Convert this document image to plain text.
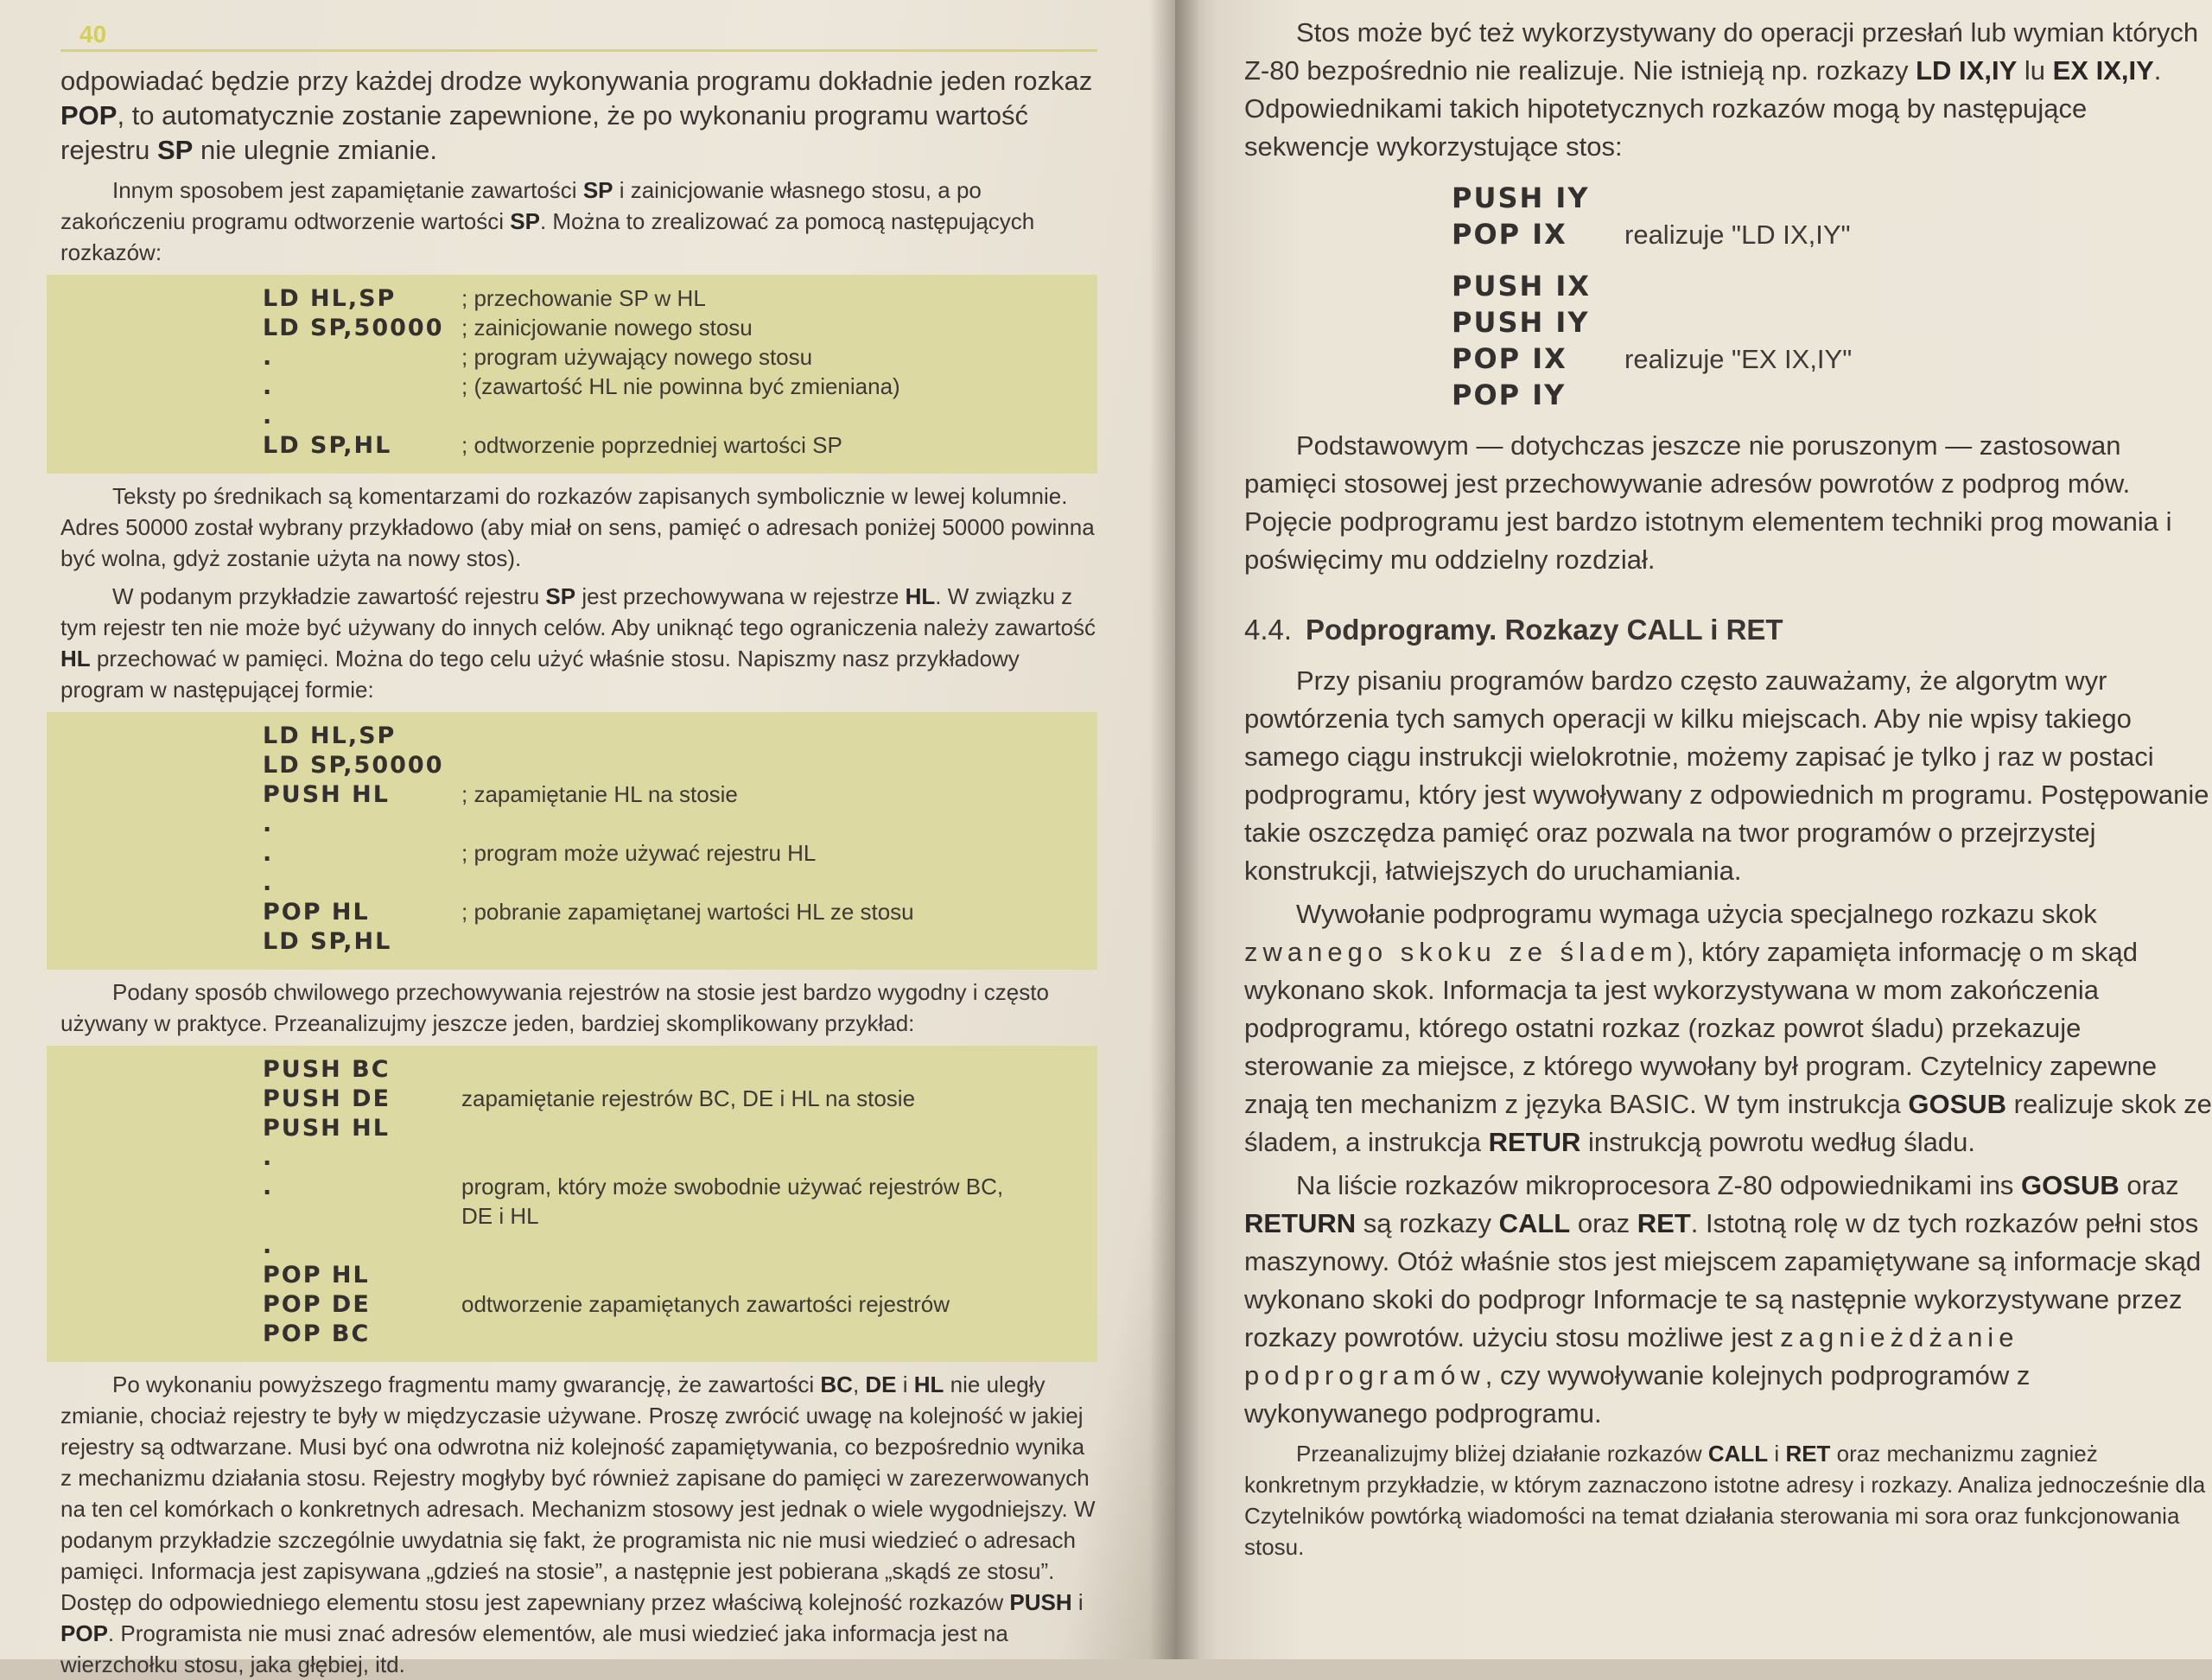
40

odpowiadać będzie przy każdej drodze wykonywania programu dokładnie jeden rozkaz POP, to automatycznie zostanie zapewnione, że po wykonaniu programu wartość rejestru SP nie ulegnie zmianie.

Innym sposobem jest zapamiętanie zawartości SP i zainicjowanie własnego stosu, a po zakończeniu programu odtworzenie wartości SP. Można to zrealizować za pomocą następujących rozkazów:

LD HL,SP	; przechowanie SP w HL
LD SP,50000 ; zainicjowanie nowego stosu
.	; program używający nowego stosu
.	; (zawartość HL nie powinna być zmieniana)
.
LD SP,HL	; odtworzenie poprzedniej wartości SP

Teksty po średnikach są komentarzami do rozkazów zapisanych symbolicznie w lewej kolumnie. Adres 50000 został wybrany przykładowo (aby miał on sens, pamięć o adresach poniżej 50000 powinna być wolna, gdyż zostanie użyta na nowy stos).

W podanym przykładzie zawartość rejestru SP jest przechowywana w rejestrze HL. W związku z tym rejestr ten nie może być używany do innych celów. Aby uniknąć tego ograniczenia należy zawartość HL przechować w pamięci. Można do tego celu użyć właśnie stosu. Napiszmy nasz przykładowy program w następującej formie:

LD HL,SP
LD SP,50000
PUSH HL	; zapamiętanie HL na stosie
.
.	; program może używać rejestru HL
.
POP HL	; pobranie zapamiętanej wartości HL ze stosu
LD SP,HL

Podany sposób chwilowego przechowywania rejestrów na stosie jest bardzo wygodny i często używany w praktyce. Przeanalizujmy jeszcze jeden, bardziej skomplikowany przykład:

PUSH BC
PUSH DE	zapamiętanie rejestrów BC, DE i HL na stosie
PUSH HL
.
.	program, który może swobodnie używać rejestrów BC,
DE i HL
.
POP HL
POP DE	odtworzenie zapamiętanych zawartości rejestrów
POP BC

Po wykonaniu powyższego fragmentu mamy gwarancję, że zawartości BC, DE i HL nie uległy zmianie, chociaż rejestry te były w międzyczasie używane. Proszę zwrócić uwagę na kolejność w jakiej rejestry są odtwarzane. Musi być ona odwrotna niż kolejność zapamiętywania, co bezpośrednio wynika z mechanizmu działania stosu. Rejestry mogłyby być również zapisane do pamięci w zarezerwowanych na ten cel komórkach o konkretnych adresach. Mechanizm stosowy jest jednak o wiele wygodniejszy. W podanym przykładzie szczególnie uwydatnia się fakt, że programista nic nie musi wiedzieć o adresach pamięci. Informacja jest zapisywana „gdzieś na stosie”, a następnie jest pobierana „skądś ze stosu”. Dostęp do odpowiedniego elementu stosu jest zapewniany przez właściwą kolejność rozkazów PUSH i POP. Programista nie musi znać adresów elementów, ale musi wiedzieć jaka informacja jest na wierzchołku stosu, jaka głębiej, itd.

Stos może być też wykorzystywany do operacji przesłań lub wymian których Z-80 bezpośrednio nie realizuje. Nie istnieją np. rozkazy LD IX,IY lu EX IX,IY. Odpowiednikami takich hipotetycznych rozkazów mogą by następujące sekwencje wykorzystujące stos:

PUSH IY
POP IX	realizuje "LD IX,IY"
PUSH IX
PUSH IY
POP IX	realizuje "EX IX,IY"
POP IY

Podstawowym — dotychczas jeszcze nie poruszonym — zastosowan pamięci stosowej jest przechowywanie adresów powrotów z podprog mów. Pojęcie podprogramu jest bardzo istotnym elementem techniki prog mowania i poświęcimy mu oddzielny rozdział.

4.4. Podprogramy. Rozkazy CALL i RET

Przy pisaniu programów bardzo często zauważamy, że algorytm wyr powtórzenia tych samych operacji w kilku miejscach. Aby nie wpisy takiego samego ciągu instrukcji wielokrotnie, możemy zapisać je tylko j raz w postaci podprogramu, który jest wywoływany z odpowiednich m programu. Postępowanie takie oszczędza pamięć oraz pozwala na twor programów o przejrzystej konstrukcji, łatwiejszych do uruchamiania.

Wywołanie podprogramu wymaga użycia specjalnego rozkazu skok zwanego skoku ze śladem), który zapamięta informację o m skąd wykonano skok. Informacja ta jest wykorzystywana w mom zakończenia podprogramu, którego ostatni rozkaz (rozkaz powrot śladu) przekazuje sterowanie za miejsce, z którego wywołany był program. Czytelnicy zapewne znają ten mechanizm z języka BASIC. W tym instrukcja GOSUB realizuje skok ze śladem, a instrukcja RETUR instrukcją powrotu według śladu.

Na liście rozkazów mikroprocesora Z-80 odpowiednikami ins GOSUB oraz RETURN są rozkazy CALL oraz RET. Istotną rolę w dz tych rozkazów pełni stos maszynowy. Otóż właśnie stos jest miejscem zapamiętywane są informacje skąd wykonano skoki do podprogr Informacje te są następnie wykorzystywane przez rozkazy powrotów. użyciu stosu możliwe jest zagnieżdżanie podprogramów, czy wywoływanie kolejnych podprogramów z wykonywanego podprogramu.

Przeanalizujmy bliżej działanie rozkazów CALL i RET oraz mechanizmu zagnież konkretnym przykładzie, w którym zaznaczono istotne adresy i rozkazy. Analiza jednocześnie dla Czytelników powtórką wiadomości na temat działania sterowania mi sora oraz funkcjonowania stosu.
